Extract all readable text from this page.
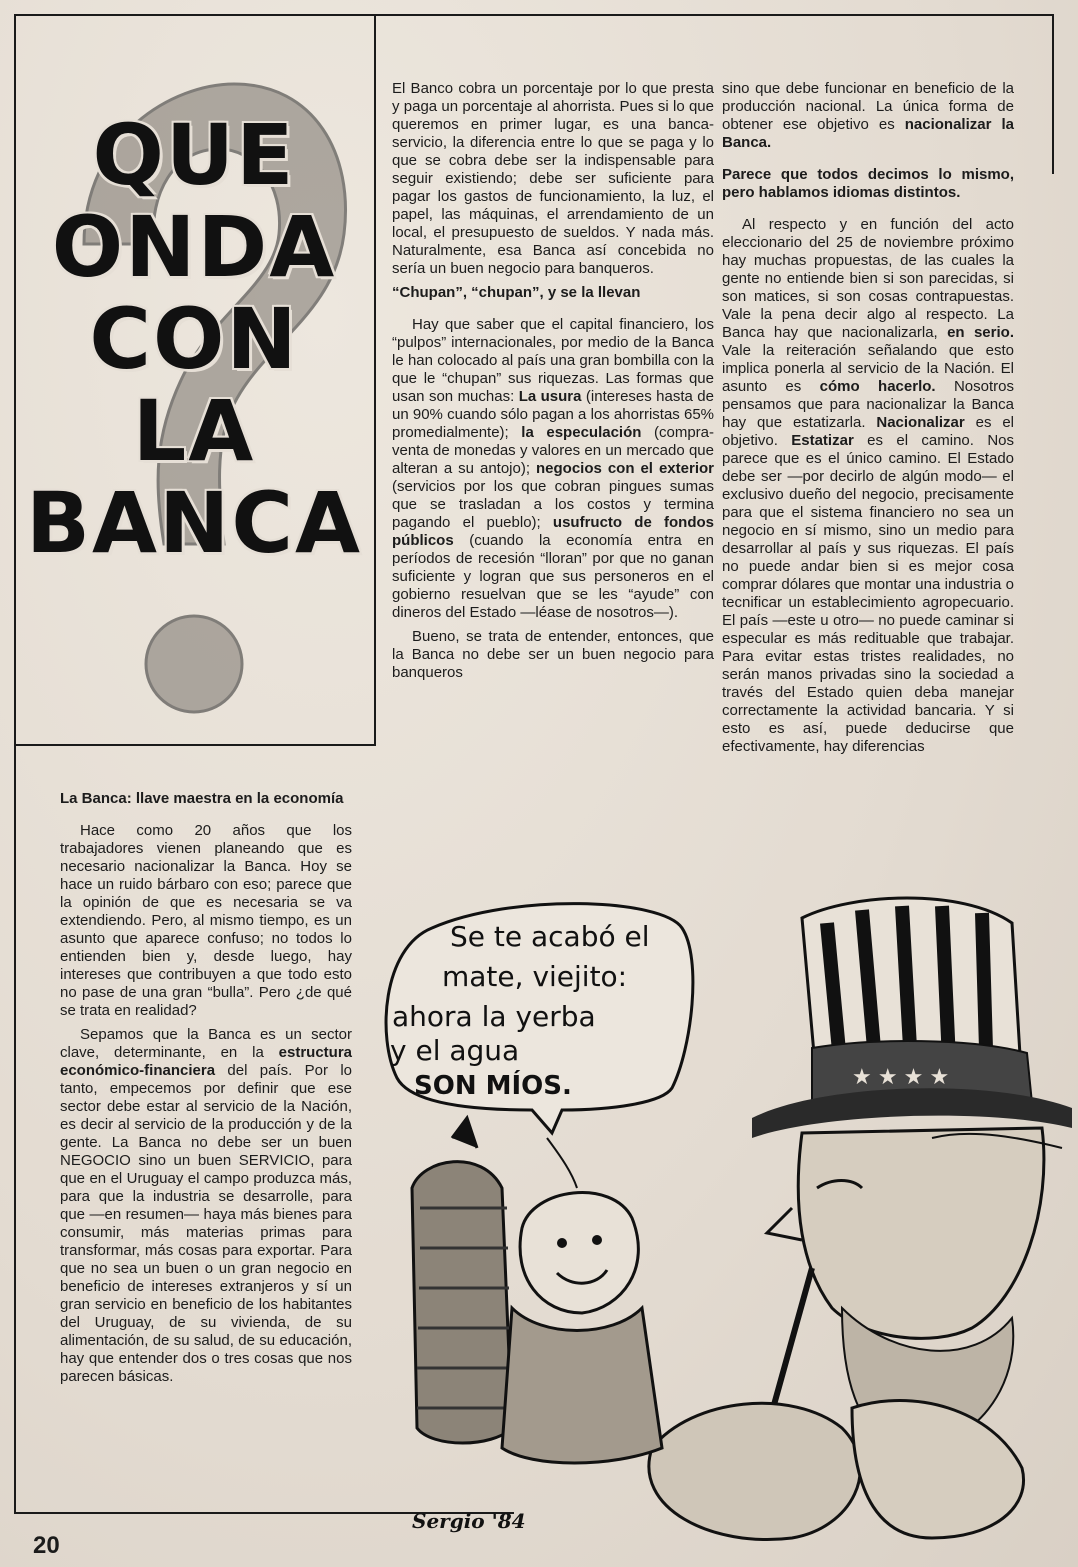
QUE
ONDA
CON
LA
BANCA

El Banco cobra un porcentaje por lo que presta y paga un porcentaje al ahorrista. Pues si lo que queremos en primer lugar, es una banca-servicio, la diferencia entre lo que se paga y lo que se cobra debe ser la indispensable para seguir existiendo; debe ser suficiente para pagar los gastos de funcionamiento, la luz, el papel, las máquinas, el arrendamiento de un local, el presupuesto de sueldos. Y nada más. Naturalmente, esa Banca así concebida no sería un buen negocio para banqueros.

“Chupan”, “chupan”, y se la llevan

Hay que saber que el capital financiero, los “pulpos” internacionales, por medio de la Banca le han colocado al país una gran bombilla con la que le “chupan” sus riquezas. Las formas que usan son muchas: La usura (intereses hasta de un 90% cuando sólo pagan a los ahorristas 65% promedialmente); la especulación (compra-venta de monedas y valores en un mercado que alteran a su antojo); negocios con el exterior (servicios por los que cobran pingues sumas que se trasladan a los costos y termina pagando el pueblo); usufructo de fondos públicos (cuando la economía entra en períodos de recesión “lloran” por que no ganan suficiente y logran que sus personeros en el gobierno resuelvan que se les “ayude” con dineros del Estado —léase de nosotros—).

Bueno, se trata de entender, entonces, que la Banca no debe ser un buen negocio para banqueros

sino que debe funcionar en beneficio de la producción nacional. La única forma de obtener ese objetivo es nacionalizar la Banca.

Parece que todos decimos lo mismo, pero hablamos idiomas distintos.

Al respecto y en función del acto eleccionario del 25 de noviembre próximo hay muchas propuestas, de las cuales la gente no entiende bien si son parecidas, si son matices, si son cosas contrapuestas. Vale la pena decir algo al respecto. La Banca hay que nacionalizarla, en serio. Vale la reiteración señalando que esto implica ponerla al servicio de la Nación. El asunto es cómo hacerlo. Nosotros pensamos que para nacionalizar la Banca hay que estatizarla. Nacionalizar es el objetivo. Estatizar es el camino. Nos parece que es el único camino. El Estado debe ser —por decirlo de algún modo— el exclusivo dueño del negocio, precisamente para que el sistema financiero no sea un negocio en sí mismo, sino un medio para desarrollar al país y sus riquezas. El país no puede andar bien si es mejor cosa comprar dólares que montar una industria o tecnificar un establecimiento agropecuario. El país —este u otro— no puede caminar si especular es más redituable que trabajar. Para evitar estas tristes realidades, no serán manos privadas sino la sociedad a través del Estado quien deba manejar correctamente la actividad bancaria. Y si esto es así, puede deducirse que efectivamente, hay diferencias

La Banca: llave maestra en la economía

Hace como 20 años que los trabajadores vienen planeando que es necesario nacionalizar la Banca. Hoy se hace un ruido bárbaro con eso; parece que la opinión de que es necesaria se va extendiendo. Pero, al mismo tiempo, es un asunto que aparece confuso; no todos lo entienden bien y, desde luego, hay intereses que contribuyen a que todo esto no pase de una gran “bulla”. Pero ¿de qué se trata en realidad?

Sepamos que la Banca es un sector clave, determinante, en la estructura económico-financiera del país. Por lo tanto, empecemos por definir que ese sector debe estar al servicio de la Nación, es decir al servicio de la producción y de la gente. La Banca no debe ser un buen NEGOCIO sino un buen SERVICIO, para que en el Uruguay el campo produzca más, para que la industria se desarrolle, para que —en resumen— haya más bienes para consumir, más materias primas para transformar, más cosas para exportar. Para que no sea un buen o un gran negocio en beneficio de intereses extranjeros y sí un gran servicio en beneficio de los habitantes del Uruguay, de su vivienda, de su alimentación, de su salud, de su educación, hay que entender dos o tres cosas que nos parecen básicas.

Se te acabó el
mate, viejito:
ahora la yerba
y el agua
SON MÍOS.	★ ★ ★ ★
Sergio '84
20
